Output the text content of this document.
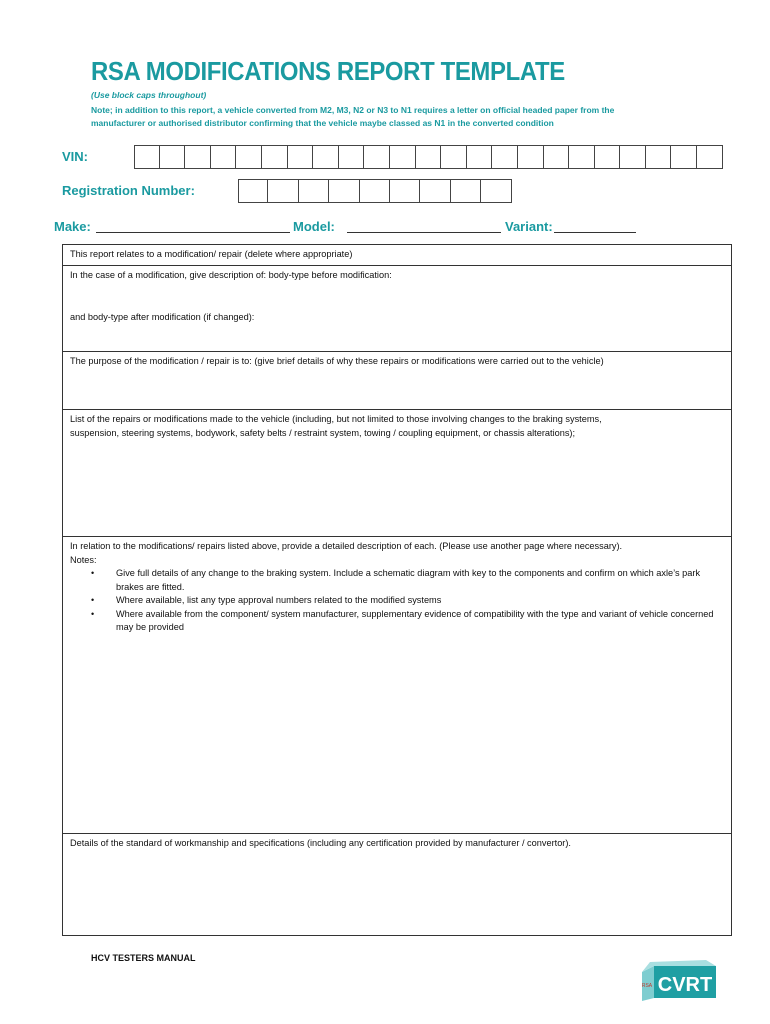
RSA MODIFICATIONS REPORT TEMPLATE
(Use block caps throughout)
Note; in addition to this report, a vehicle converted from M2, M3, N2 or N3 to N1 requires a letter on official headed paper from the
manufacturer or authorised distributor confirming that the vehicle maybe classed as N1 in the converted condition
VIN:
Registration Number:
Make:	Model:	Variant:

This report relates to a modification/ repair (delete where appropriate)

In the case of a modification, give description of: body-type before modification:

and body-type after modification (if changed):

The purpose of the modification / repair is to: (give brief details of why these repairs or modifications were carried out to the vehicle)

List of the repairs or modifications made to the vehicle (including, but not limited to those involving changes to the braking systems,

suspension, steering systems, bodywork, safety belts / restraint system, towing / coupling equipment, or chassis alterations);

In relation to the modifications/ repairs listed above, provide a detailed description of each. (Please use another page where necessary).

Notes:

• Give full details of any change to the braking system. Include a schematic diagram with key to the components and confirm on which axle’s park brakes are fitted.
• Where available, list any type approval numbers related to the modified systems
• Where available from the component/ system manufacturer, supplementary evidence of compatibility with the type and variant of vehicle concerned may be provided

Details of the standard of workmanship and specifications (including any certification provided by manufacturer / convertor).

HCV TESTERS MANUAL
CVRT
RSA
